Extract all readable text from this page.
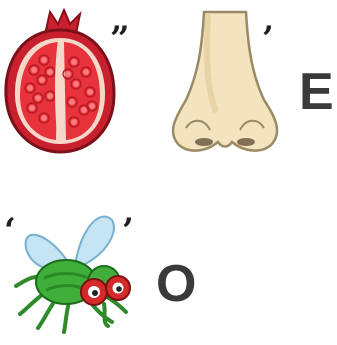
”	’
E
‘	’
O
